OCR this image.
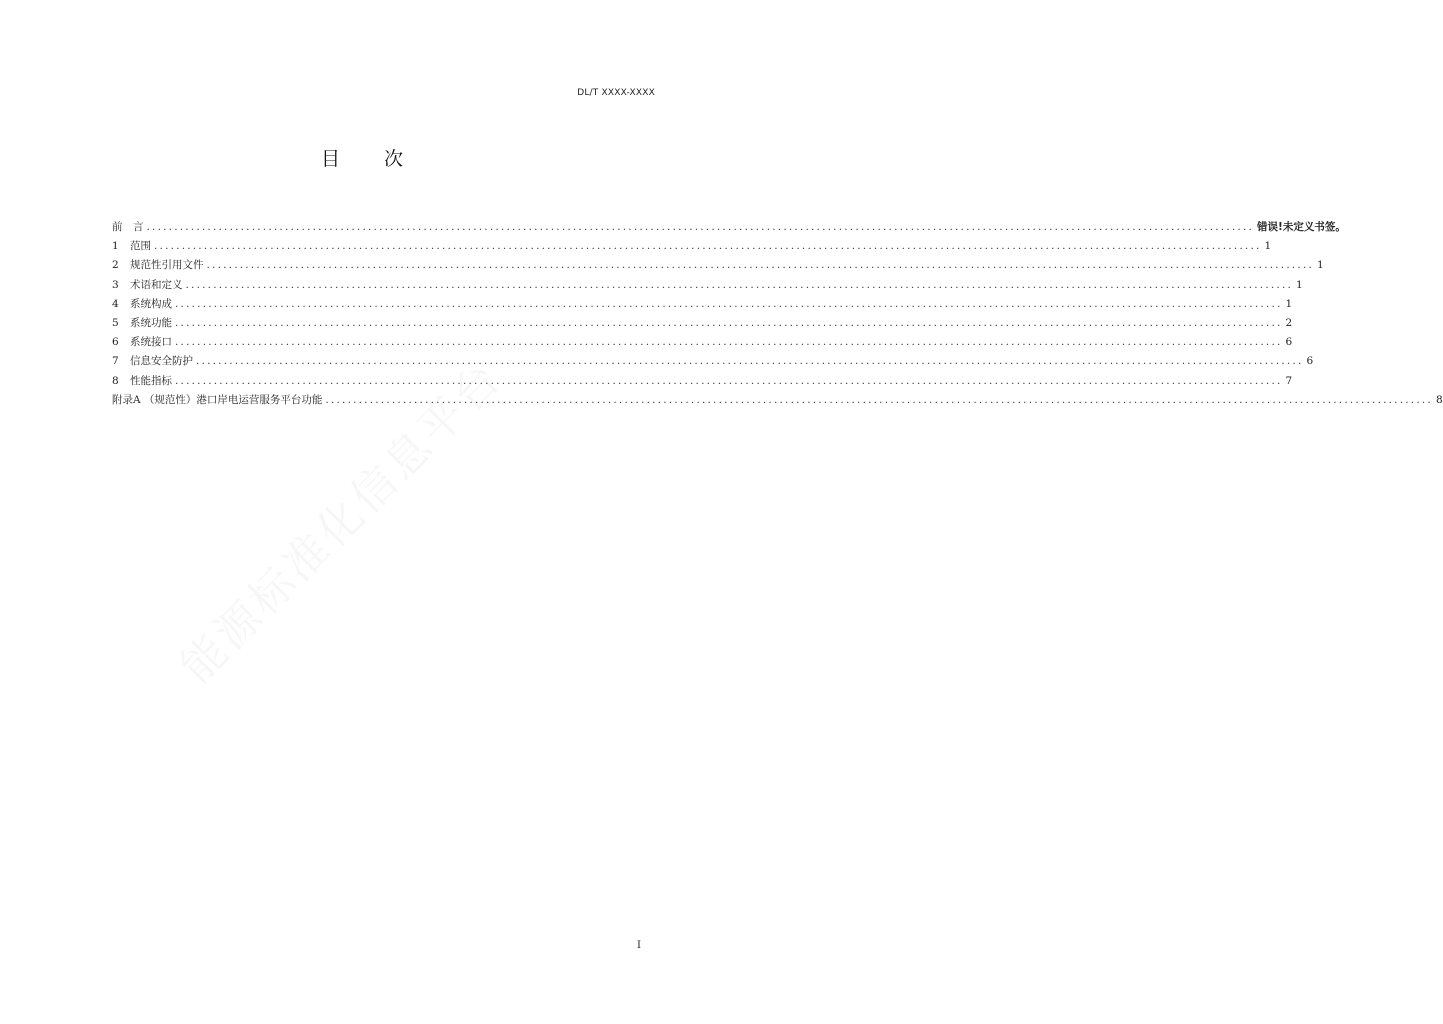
DL/T XXXX-XXXX
目 次
前　言 ........................................................................................................................................................................................................ 错误!未定义书签。
1	范围 ........................................................................................................................................................................................................ 1
2	规范性引用文件 ........................................................................................................................................................................................................ 1
3	术语和定义 ........................................................................................................................................................................................................ 1
4	系统构成 ........................................................................................................................................................................................................ 1
5	系统功能 ........................................................................................................................................................................................................ 2
6	系统接口 ........................................................................................................................................................................................................ 6
7	信息安全防护 ........................................................................................................................................................................................................ 6
8	性能指标 ........................................................................................................................................................................................................ 7
附录A （规范性）港口岸电运营服务平台功能 ........................................................................................................................................................................................................ 8
I
